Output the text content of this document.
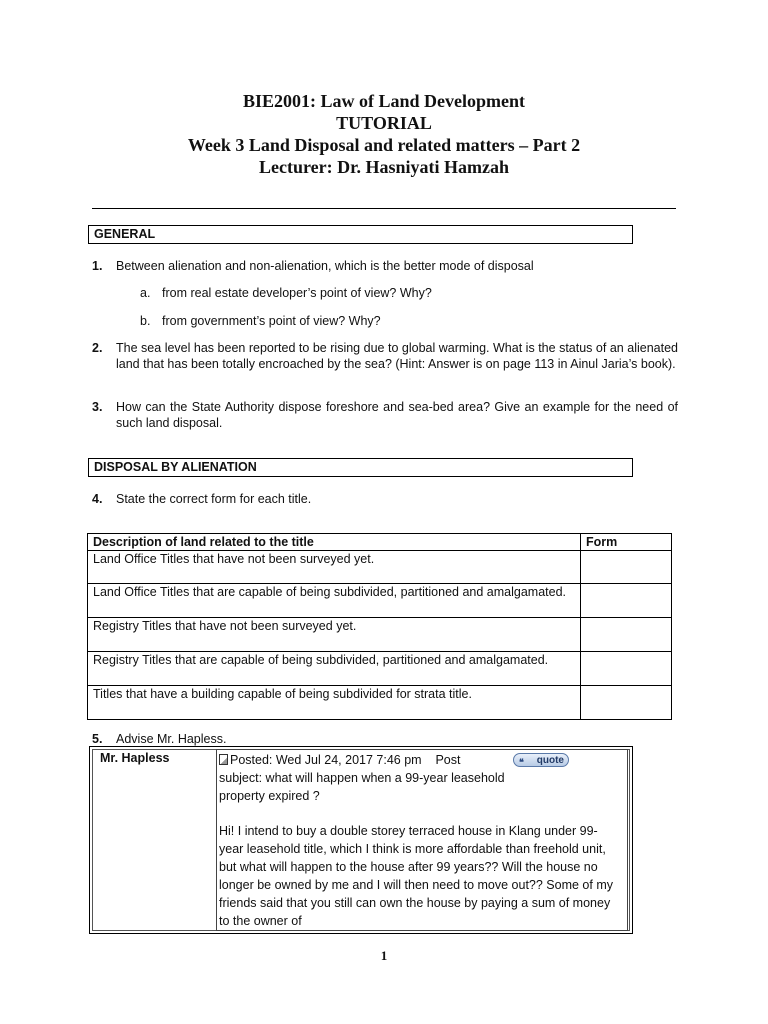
BIE2001: Law of Land Development
TUTORIAL
Week 3 Land Disposal and related matters – Part 2
Lecturer: Dr. Hasniyati Hamzah
GENERAL
1. Between alienation and non-alienation, which is the better mode of disposal
a. from real estate developer’s point of view? Why?
b. from government’s point of view? Why?
2. The sea level has been reported to be rising due to global warming. What is the status of an alienated land that has been totally encroached by the sea? (Hint: Answer is on page 113 in Ainul Jaria’s book).
3. How can the State Authority dispose foreshore and sea-bed area? Give an example for the need of such land disposal.
DISPOSAL BY ALIENATION
4. State the correct form for each title.
Description of land related to the title	Form
Land Office Titles that have not been surveyed yet.	
Land Office Titles that are capable of being subdivided, partitioned and amalgamated.	
Registry Titles that have not been surveyed yet.	
Registry Titles that are capable of being subdivided, partitioned and amalgamated.	
Titles that have a building capable of being subdivided for strata title.	
5. Advise Mr. Hapless.
Mr. Hapless	Posted: Wed Jul 24, 2017 7:46 pm Post	❝ quote
subject: what will happen when a 99-year leasehold property expired ?
Hi! I intend to buy a double storey terraced house in Klang under 99-year leasehold title, which I think is more affordable than freehold unit, but what will happen to the house after 99 years?? Will the house no longer be owned by me and I will then need to move out?? Some of my friends said that you still can own the house by paying a sum of money to the owner of
1
